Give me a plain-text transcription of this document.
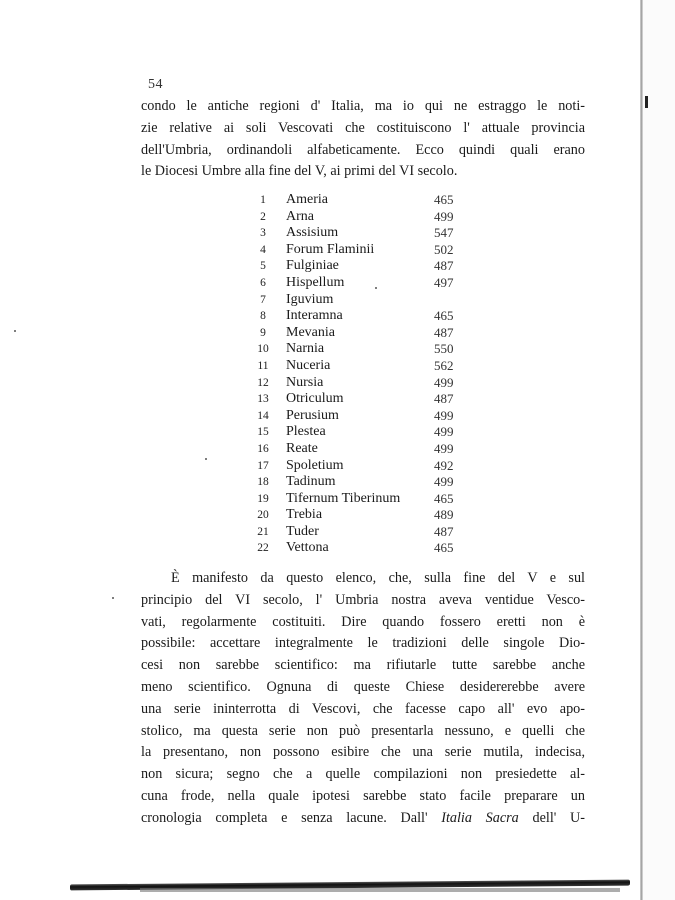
54
condo le antiche regioni d' Italia, ma io qui ne estraggo le noti-
zie relative ai soli Vescovati che costituiscono l' attuale provincia
dell'Umbria, ordinandoli alfabeticamente. Ecco quindi quali erano
le Diocesi Umbre alla fine del V, ai primi del VI secolo.
1	Ameria	465
2	Arna	499
3	Assisium	547
4	Forum Flaminii	502
5	Fulginiae	487
6	Hispellum	497
7	Iguvium
8	Interamna	465
9	Mevania	487
10	Narnia	550
11	Nuceria	562
12	Nursia	499
13	Otriculum	487
14	Perusium	499
15	Plestea	499
16	Reate	499
17	Spoletium	492
18	Tadinum	499
19	Tifernum Tiberinum	465
20	Trebia	489
21	Tuder	487
22	Vettona	465
È manifesto da questo elenco, che, sulla fine del V e sul
principio del VI secolo, l' Umbria nostra aveva ventidue Vesco-
vati, regolarmente costituiti. Dire quando fossero eretti non è
possibile: accettare integralmente le tradizioni delle singole Dio-
cesi non sarebbe scientifico: ma rifiutarle tutte sarebbe anche
meno scientifico. Ognuna di queste Chiese desidererebbe avere
una serie ininterrotta di Vescovi, che facesse capo all' evo apo-
stolico, ma questa serie non può presentarla nessuno, e quelli che
la presentano, non possono esibire che una serie mutila, indecisa,
non sicura; segno che a quelle compilazioni non presiedette al-
cuna frode, nella quale ipotesi sarebbe stato facile preparare un
cronologia completa e senza lacune. Dall' Italia Sacra dell' U-
